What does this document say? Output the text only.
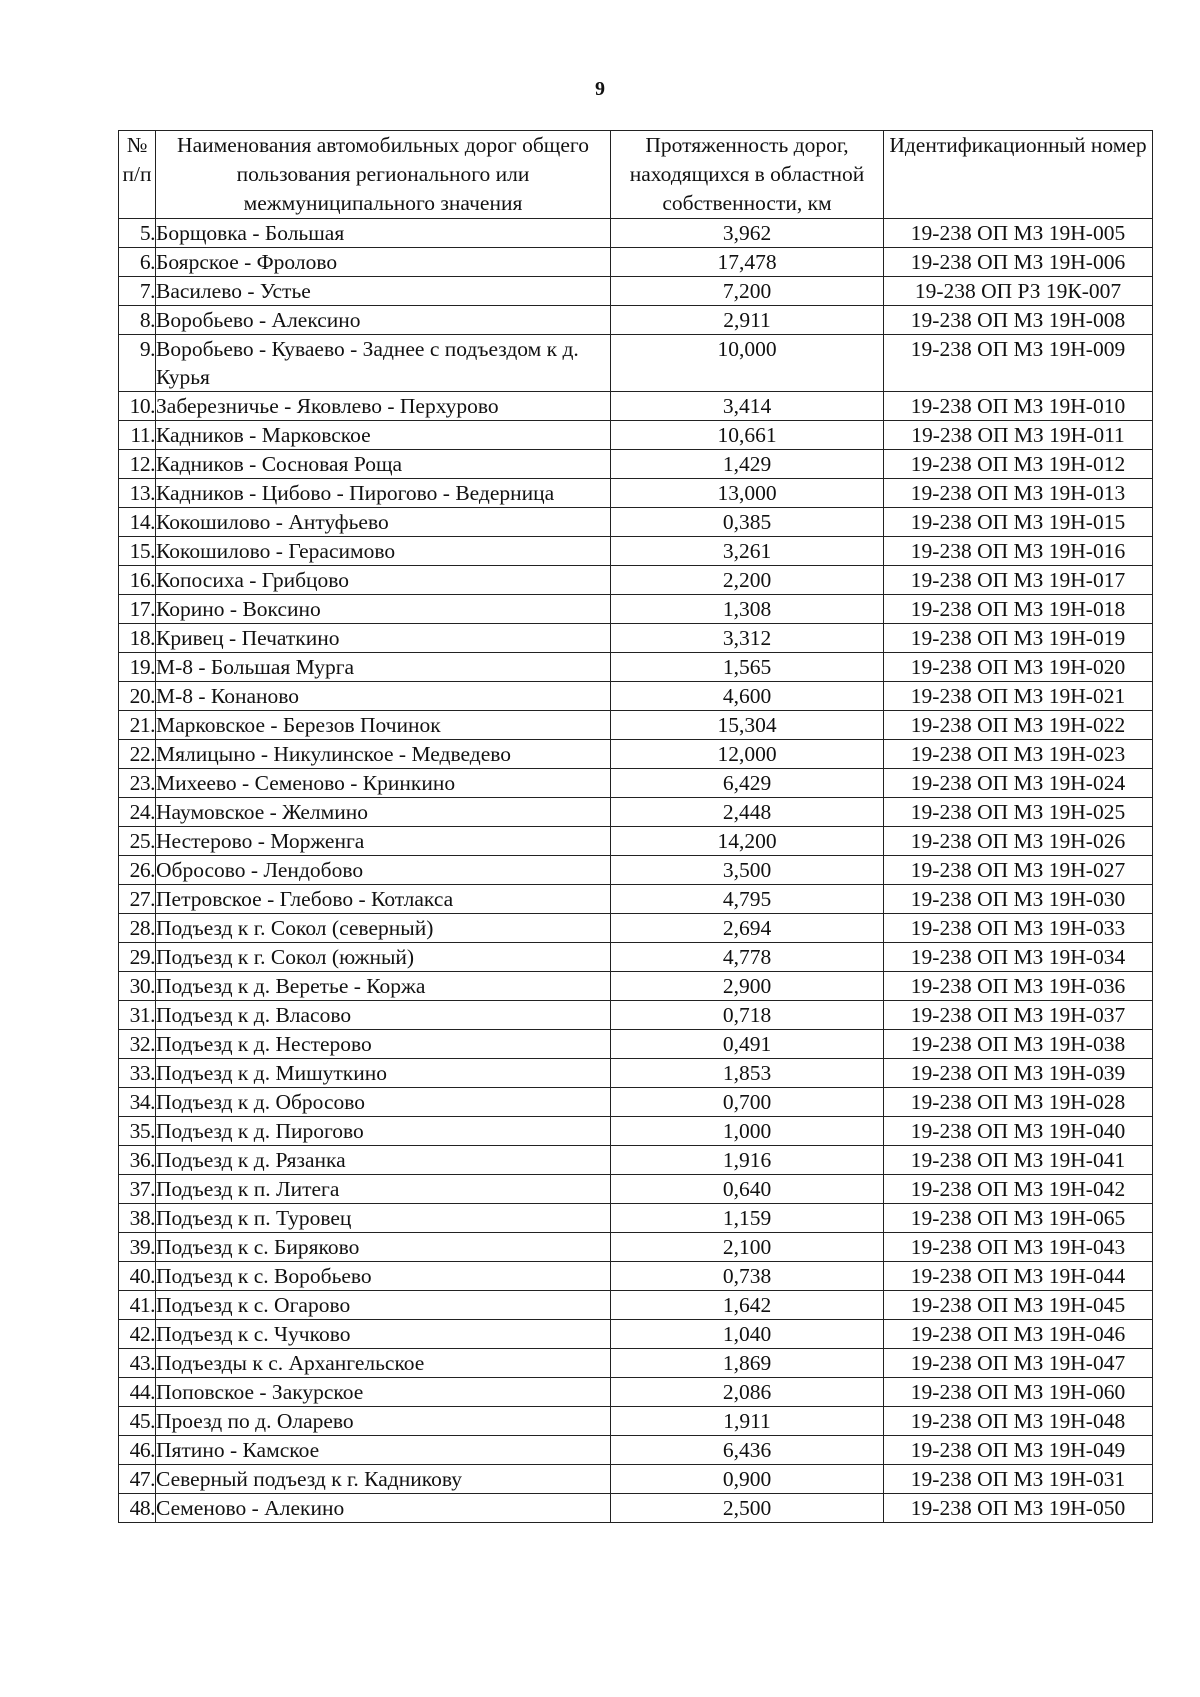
9
№ п/п	Наименования автомобильных дорог общего пользования регионального или межмуниципального значения	Протяженность дорог, находящихся в областной собственности, км	Идентификационный номер
5.	Борщовка - Большая	3,962	19-238 ОП МЗ 19Н-005
6.	Боярское - Фролово	17,478	19-238 ОП МЗ 19Н-006
7.	Василево - Устье	7,200	19-238 ОП РЗ 19К-007
8.	Воробьево - Алексино	2,911	19-238 ОП МЗ 19Н-008
9.	Воробьево - Куваево - Заднее с подъездом к д. Курья	10,000	19-238 ОП МЗ 19Н-009
10.	Заберезничье - Яковлево - Перхурово	3,414	19-238 ОП МЗ 19Н-010
11.	Кадников - Марковское	10,661	19-238 ОП МЗ 19Н-011
12.	Кадников - Сосновая Роща	1,429	19-238 ОП МЗ 19Н-012
13.	Кадников - Цибово - Пирогово - Ведерница	13,000	19-238 ОП МЗ 19Н-013
14.	Кокошилово - Антуфьево	0,385	19-238 ОП МЗ 19Н-015
15.	Кокошилово - Герасимово	3,261	19-238 ОП МЗ 19Н-016
16.	Копосиха - Грибцово	2,200	19-238 ОП МЗ 19Н-017
17.	Корино - Воксино	1,308	19-238 ОП МЗ 19Н-018
18.	Кривец - Печаткино	3,312	19-238 ОП МЗ 19Н-019
19.	М-8 - Большая Мурга	1,565	19-238 ОП МЗ 19Н-020
20.	М-8 - Конаново	4,600	19-238 ОП МЗ 19Н-021
21.	Марковское - Березов Починок	15,304	19-238 ОП МЗ 19Н-022
22.	Мялицыно - Никулинское - Медведево	12,000	19-238 ОП МЗ 19Н-023
23.	Михеево - Семеново - Кринкино	6,429	19-238 ОП МЗ 19Н-024
24.	Наумовское - Желмино	2,448	19-238 ОП МЗ 19Н-025
25.	Нестерово - Морженга	14,200	19-238 ОП МЗ 19Н-026
26.	Обросово - Лендобово	3,500	19-238 ОП МЗ 19Н-027
27.	Петровское - Глебово - Котлакса	4,795	19-238 ОП МЗ 19Н-030
28.	Подъезд к г. Сокол (северный)	2,694	19-238 ОП МЗ 19Н-033
29.	Подъезд к г. Сокол (южный)	4,778	19-238 ОП МЗ 19Н-034
30.	Подъезд к д. Веретье - Коржа	2,900	19-238 ОП МЗ 19Н-036
31.	Подъезд к д. Власово	0,718	19-238 ОП МЗ 19Н-037
32.	Подъезд к д. Нестерово	0,491	19-238 ОП МЗ 19Н-038
33.	Подъезд к д. Мишуткино	1,853	19-238 ОП МЗ 19Н-039
34.	Подъезд к д. Обросово	0,700	19-238 ОП МЗ 19Н-028
35.	Подъезд к д. Пирогово	1,000	19-238 ОП МЗ 19Н-040
36.	Подъезд к д. Рязанка	1,916	19-238 ОП МЗ 19Н-041
37.	Подъезд к п. Литега	0,640	19-238 ОП МЗ 19Н-042
38.	Подъезд к п. Туровец	1,159	19-238 ОП МЗ 19Н-065
39.	Подъезд к с. Биряково	2,100	19-238 ОП МЗ 19Н-043
40.	Подъезд к с. Воробьево	0,738	19-238 ОП МЗ 19Н-044
41.	Подъезд к с. Огарово	1,642	19-238 ОП МЗ 19Н-045
42.	Подъезд к с. Чучково	1,040	19-238 ОП МЗ 19Н-046
43.	Подъезды к с. Архангельское	1,869	19-238 ОП МЗ 19Н-047
44.	Поповское - Закурское	2,086	19-238 ОП МЗ 19Н-060
45.	Проезд по д. Оларево	1,911	19-238 ОП МЗ 19Н-048
46.	Пятино - Камское	6,436	19-238 ОП МЗ 19Н-049
47.	Северный подъезд к г. Кадникову	0,900	19-238 ОП МЗ 19Н-031
48.	Семеново - Алекино	2,500	19-238 ОП МЗ 19Н-050
